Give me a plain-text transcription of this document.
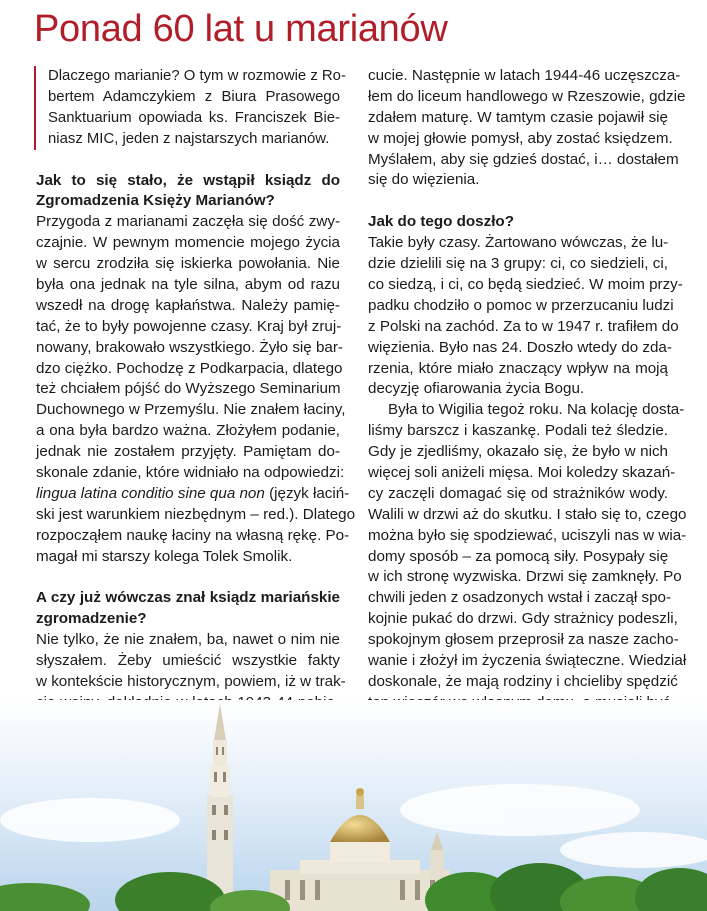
Ponad 60 lat u marianów
Dlaczego marianie? O tym w rozmowie z Ro-
bertem Adamczykiem z Biura Prasowego
Sanktuarium opowiada ks. Franciszek Bie-
niasz MIC, jeden z najstarszych marianów.
Jak to się stało, że wstąpił ksiądz do
Zgromadzenia Księży Marianów?
Przygoda z marianami zaczęła się dość zwy-
czajnie. W pewnym momencie mojego życia
w sercu zrodziła się iskierka powołania. Nie
była ona jednak na tyle silna, abym od razu
wszedł na drogę kapłaństwa. Należy pamię-
tać, że to były powojenne czasy. Kraj był zruj-
nowany, brakowało wszystkiego. Żyło się bar-
dzo ciężko. Pochodzę z Podkarpacia, dlatego
też chciałem pójść do Wyższego Seminarium
Duchownego w Przemyślu. Nie znałem łaciny,
a ona była bardzo ważna. Złożyłem podanie,
jednak nie zostałem przyjęty. Pamiętam do-
skonale zdanie, które widniało na odpowiedzi:
lingua latina conditio sine qua non (język łaciń-
ski jest warunkiem niezbędnym – red.). Dlatego
rozpocząłem naukę łaciny na własną rękę. Po-
magał mi starszy kolega Tolek Smolik.
A czy już wówczas znał ksiądz mariańskie
zgromadzenie?
Nie tylko, że nie znałem, ba, nawet o nim nie
słyszałem. Żeby umieścić wszystkie fakty
w kontekście historycznym, powiem, iż w trak-
cucie. Następnie w latach 1944-46 uczęszcza-
łem do liceum handlowego w Rzeszowie, gdzie
zdałem maturę. W tamtym czasie pojawił się
w mojej głowie pomysł, aby zostać księdzem.
Myślałem, aby się gdzieś dostać, i… dostałem
się do więzienia.
Jak do tego doszło?
Takie były czasy. Żartowano wówczas, że lu-
dzie dzielili się na 3 grupy: ci, co siedzieli, ci,
co siedzą, i ci, co będą siedzieć. W moim przy-
padku chodziło o pomoc w przerzucaniu ludzi
z Polski na zachód. Za to w 1947 r. trafiłem do
więzienia. Było nas 24. Doszło wtedy do zda-
rzenia, które miało znaczący wpływ na moją
decyzję ofiarowania życia Bogu.
Była to Wigilia tegoż roku. Na kolację dosta-
liśmy barszcz i kaszankę. Podali też śledzie.
Gdy je zjedliśmy, okazało się, że było w nich
więcej soli aniżeli mięsa. Moi koledzy skazań-
cy zaczęli domagać się od strażników wody.
Walili w drzwi aż do skutku. I stało się to, czego
można było się spodziewać, uciszyli nas w wia-
domy sposób – za pomocą siły. Posypały się
w ich stronę wyzwiska. Drzwi się zamknęły. Po
chwili jeden z osadzonych wstał i zaczął spo-
kojnie pukać do drzwi. Gdy strażnicy podeszli,
spokojnym głosem przeprosił za nasze zacho-
wanie i złożył im życzenia świąteczne. Wiedział
doskonale, że mają rodziny i chcieliby spędzić
